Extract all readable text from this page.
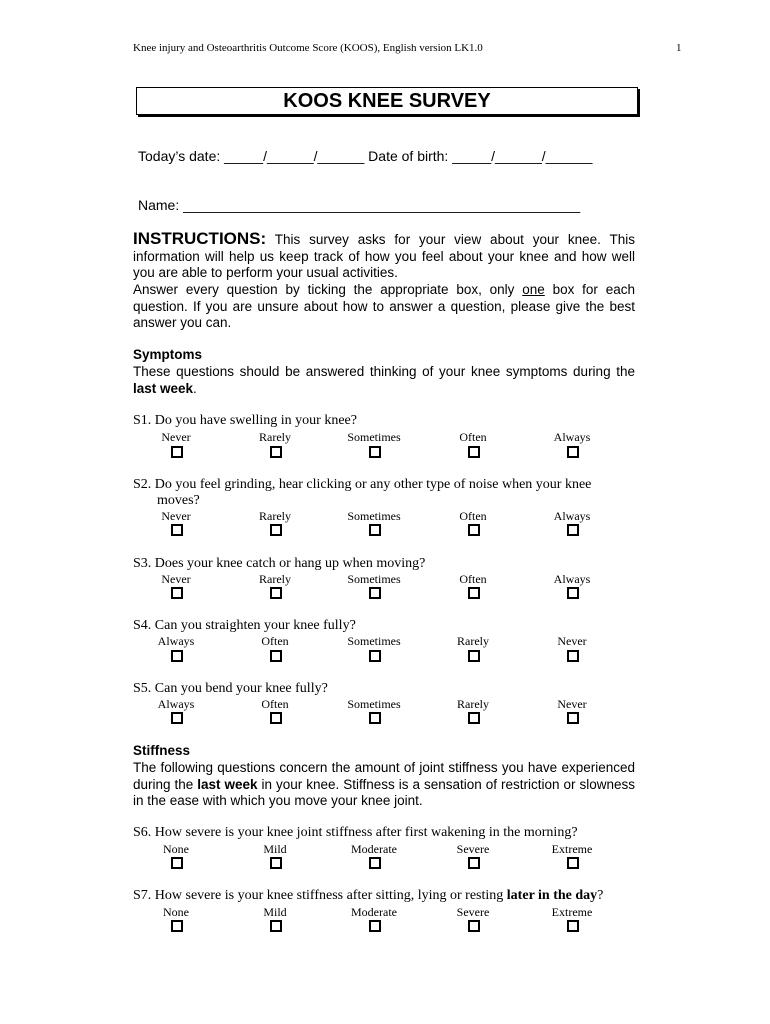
Knee injury and Osteoarthritis Outcome Score (KOOS), English version LK1.0	1
KOOS KNEE SURVEY
Today’s date: _____/______/______ Date of birth: _____/______/______
Name: ___________________________________________________
INSTRUCTIONS: This survey asks for your view about your knee. This information will help us keep track of how you feel about your knee and how well you are able to perform your usual activities.
Answer every question by ticking the appropriate box, only one box for each question. If you are unsure about how to answer a question, please give the best answer you can.
Symptoms
These questions should be answered thinking of your knee symptoms during the last week.
S1. Do you have swelling in your knee?
Never	Rarely	Sometimes	Often	Always
S2. Do you feel grinding, hear clicking or any other type of noise when your knee
moves?
Never	Rarely	Sometimes	Often	Always
S3. Does your knee catch or hang up when moving?
Never	Rarely	Sometimes	Often	Always
S4. Can you straighten your knee fully?
Always	Often	Sometimes	Rarely	Never
S5. Can you bend your knee fully?
Always	Often	Sometimes	Rarely	Never
Stiffness
The following questions concern the amount of joint stiffness you have experienced during the last week in your knee. Stiffness is a sensation of restriction or slowness in the ease with which you move your knee joint.
S6. How severe is your knee joint stiffness after first wakening in the morning?
None	Mild	Moderate	Severe	Extreme
S7. How severe is your knee stiffness after sitting, lying or resting later in the day?
None	Mild	Moderate	Severe	Extreme
